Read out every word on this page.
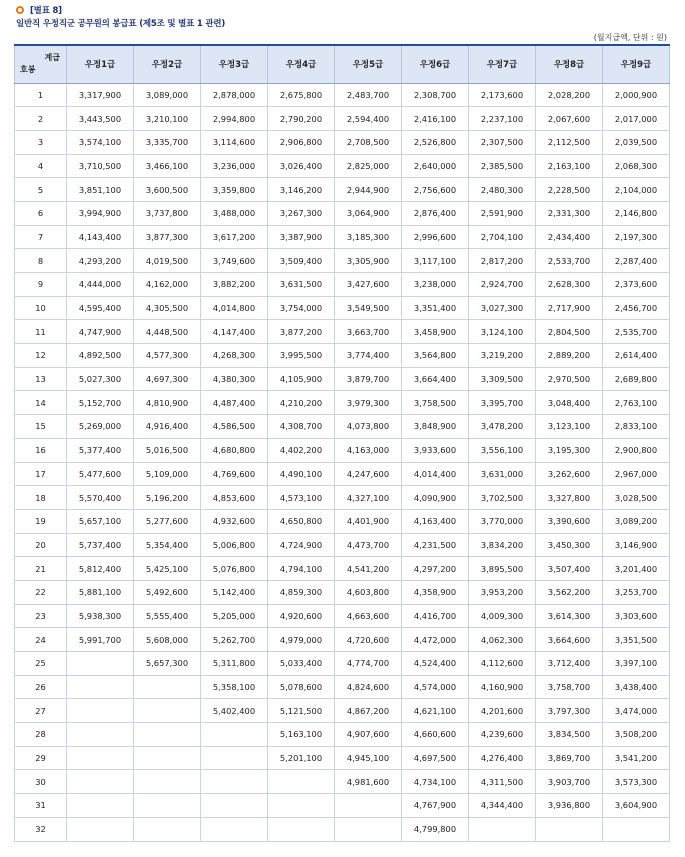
[별표 8]
일반직 우정직군 공무원의 봉급표 (제5조 및 별표 1 관련)
(월지급액, 단위 : 원)
계급
호봉	우정1급	우정2급	우정3급	우정4급	우정5급	우정6급	우정7급	우정8급	우정9급
1	3,317,900	3,089,000	2,878,000	2,675,800	2,483,700	2,308,700	2,173,600	2,028,200	2,000,900
2	3,443,500	3,210,100	2,994,800	2,790,200	2,594,400	2,416,100	2,237,100	2,067,600	2,017,000
3	3,574,100	3,335,700	3,114,600	2,906,800	2,708,500	2,526,800	2,307,500	2,112,500	2,039,500
4	3,710,500	3,466,100	3,236,000	3,026,400	2,825,000	2,640,000	2,385,500	2,163,100	2,068,300
5	3,851,100	3,600,500	3,359,800	3,146,200	2,944,900	2,756,600	2,480,300	2,228,500	2,104,000
6	3,994,900	3,737,800	3,488,000	3,267,300	3,064,900	2,876,400	2,591,900	2,331,300	2,146,800
7	4,143,400	3,877,300	3,617,200	3,387,900	3,185,300	2,996,600	2,704,100	2,434,400	2,197,300
8	4,293,200	4,019,500	3,749,600	3,509,400	3,305,900	3,117,100	2,817,200	2,533,700	2,287,400
9	4,444,000	4,162,000	3,882,200	3,631,500	3,427,600	3,238,000	2,924,700	2,628,300	2,373,600
10	4,595,400	4,305,500	4,014,800	3,754,000	3,549,500	3,351,400	3,027,300	2,717,900	2,456,700
11	4,747,900	4,448,500	4,147,400	3,877,200	3,663,700	3,458,900	3,124,100	2,804,500	2,535,700
12	4,892,500	4,577,300	4,268,300	3,995,500	3,774,400	3,564,800	3,219,200	2,889,200	2,614,400
13	5,027,300	4,697,300	4,380,300	4,105,900	3,879,700	3,664,400	3,309,500	2,970,500	2,689,800
14	5,152,700	4,810,900	4,487,400	4,210,200	3,979,300	3,758,500	3,395,700	3,048,400	2,763,100
15	5,269,000	4,916,400	4,586,500	4,308,700	4,073,800	3,848,900	3,478,200	3,123,100	2,833,100
16	5,377,400	5,016,500	4,680,800	4,402,200	4,163,000	3,933,600	3,556,100	3,195,300	2,900,800
17	5,477,600	5,109,000	4,769,600	4,490,100	4,247,600	4,014,400	3,631,000	3,262,600	2,967,000
18	5,570,400	5,196,200	4,853,600	4,573,100	4,327,100	4,090,900	3,702,500	3,327,800	3,028,500
19	5,657,100	5,277,600	4,932,600	4,650,800	4,401,900	4,163,400	3,770,000	3,390,600	3,089,200
20	5,737,400	5,354,400	5,006,800	4,724,900	4,473,700	4,231,500	3,834,200	3,450,300	3,146,900
21	5,812,400	5,425,100	5,076,800	4,794,100	4,541,200	4,297,200	3,895,500	3,507,400	3,201,400
22	5,881,100	5,492,600	5,142,400	4,859,300	4,603,800	4,358,900	3,953,200	3,562,200	3,253,700
23	5,938,300	5,555,400	5,205,000	4,920,600	4,663,600	4,416,700	4,009,300	3,614,300	3,303,600
24	5,991,700	5,608,000	5,262,700	4,979,000	4,720,600	4,472,000	4,062,300	3,664,600	3,351,500
25		5,657,300	5,311,800	5,033,400	4,774,700	4,524,400	4,112,600	3,712,400	3,397,100
26			5,358,100	5,078,600	4,824,600	4,574,000	4,160,900	3,758,700	3,438,400
27			5,402,400	5,121,500	4,867,200	4,621,100	4,201,600	3,797,300	3,474,000
28				5,163,100	4,907,600	4,660,600	4,239,600	3,834,500	3,508,200
29				5,201,100	4,945,100	4,697,500	4,276,400	3,869,700	3,541,200
30					4,981,600	4,734,100	4,311,500	3,903,700	3,573,300
31						4,767,900	4,344,400	3,936,800	3,604,900
32						4,799,800			
